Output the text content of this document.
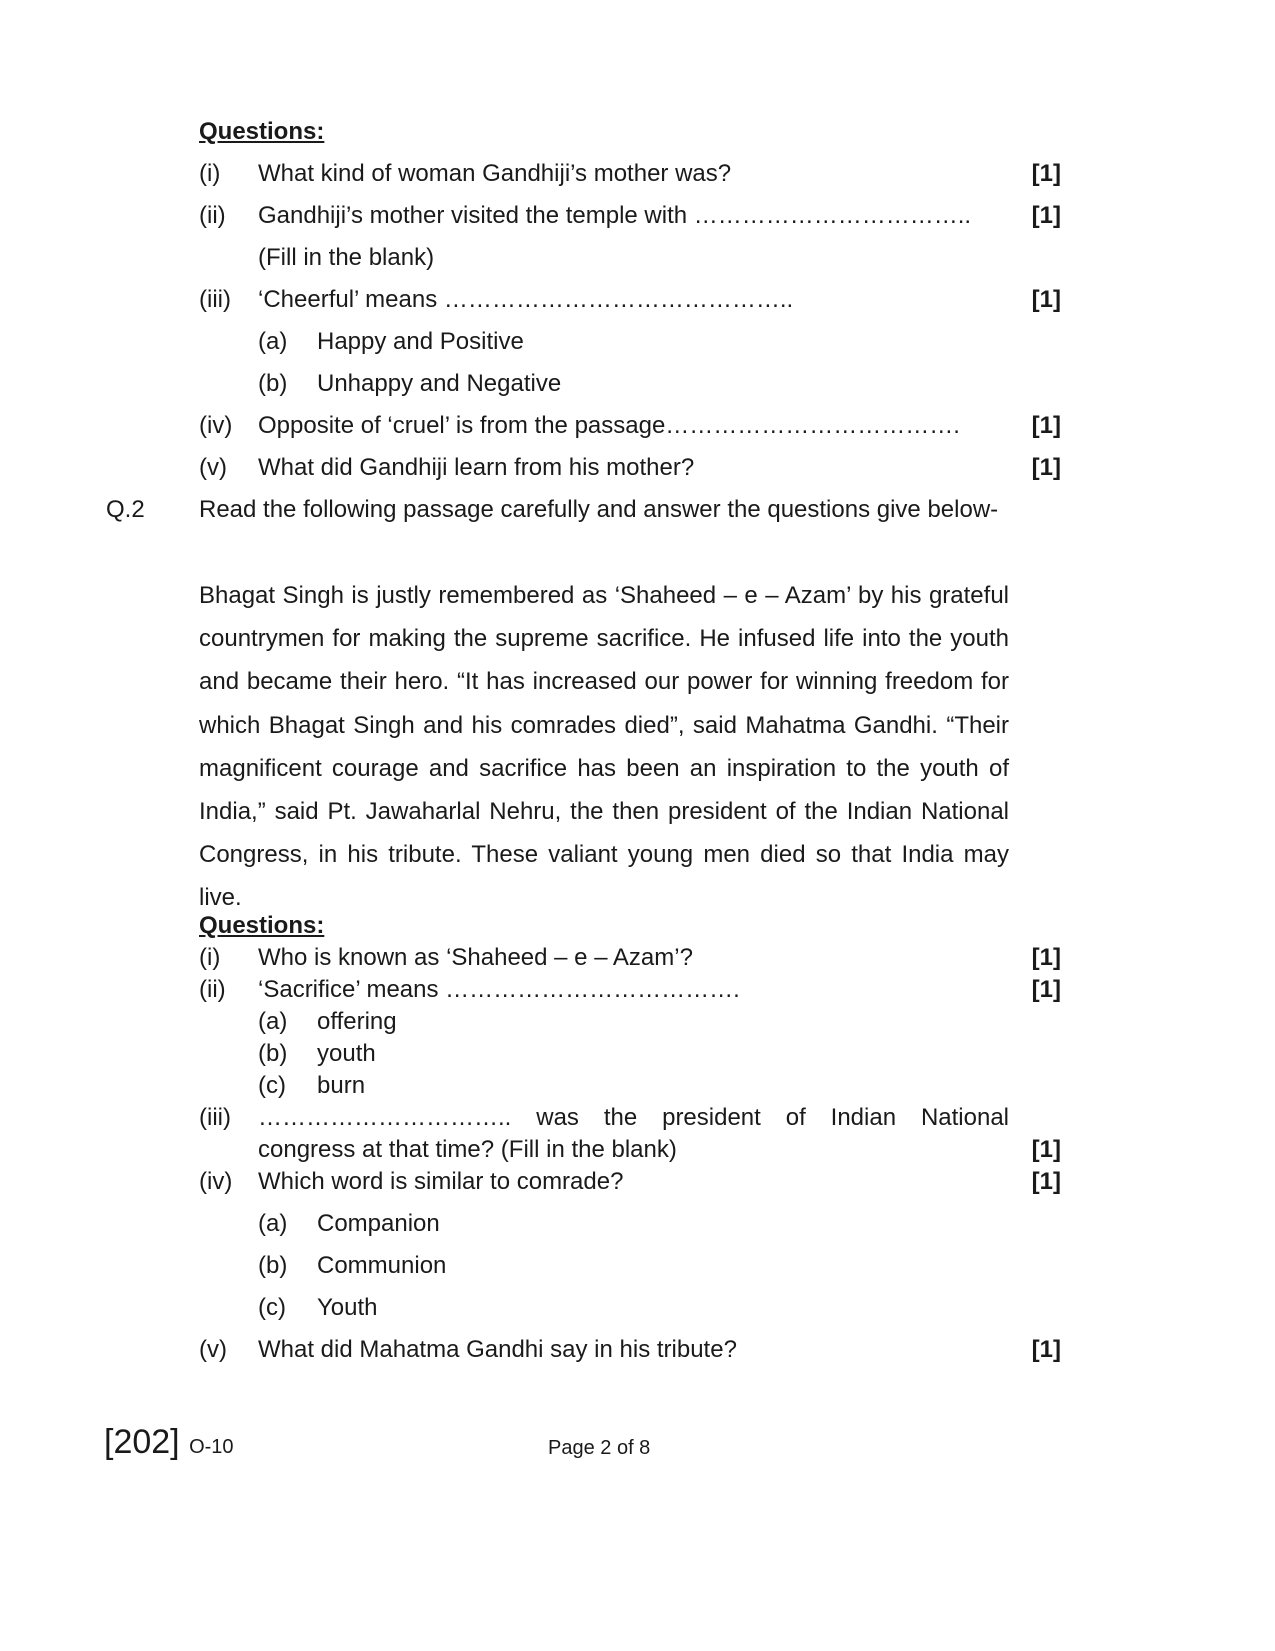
Questions:
(i) What kind of woman Gandhiji’s mother was?	[1]
(ii) Gandhiji’s mother visited the temple with ……………………………..	[1]
(Fill in the blank)
(iii) ‘Cheerful’ means ……………………………………..	[1]
(a) Happy and Positive
(b) Unhappy and Negative
(iv) Opposite of ‘cruel’ is from the passage……………………………….	[1]
(v) What did Gandhiji learn from his mother?	[1]
Q.2 Read the following passage carefully and answer the questions give below-
Bhagat Singh is justly remembered as ‘Shaheed – e – Azam’ by his grateful countrymen for making the supreme sacrifice. He infused life into the youth and became their hero. “It has increased our power for winning freedom for which Bhagat Singh and his comrades died”, said Mahatma Gandhi. “Their magnificent courage and sacrifice has been an inspiration to the youth of India,” said Pt. Jawaharlal Nehru, the then president of the Indian National Congress, in his tribute. These valiant young men died so that India may live.
Questions:
(i) Who is known as ‘Shaheed – e – Azam’?	[1]
(ii) ‘Sacrifice’ means ……………………………….	[1]
(a) offering
(b) youth
(c) burn
(iii) ………………………….. was the president of Indian National
congress at that time? (Fill in the blank)	[1]
(iv) Which word is similar to comrade?	[1]
(a) Companion
(b) Communion
(c) Youth
(v) What did Mahatma Gandhi say in his tribute?	[1]
[202] O-10	Page 2 of 8
